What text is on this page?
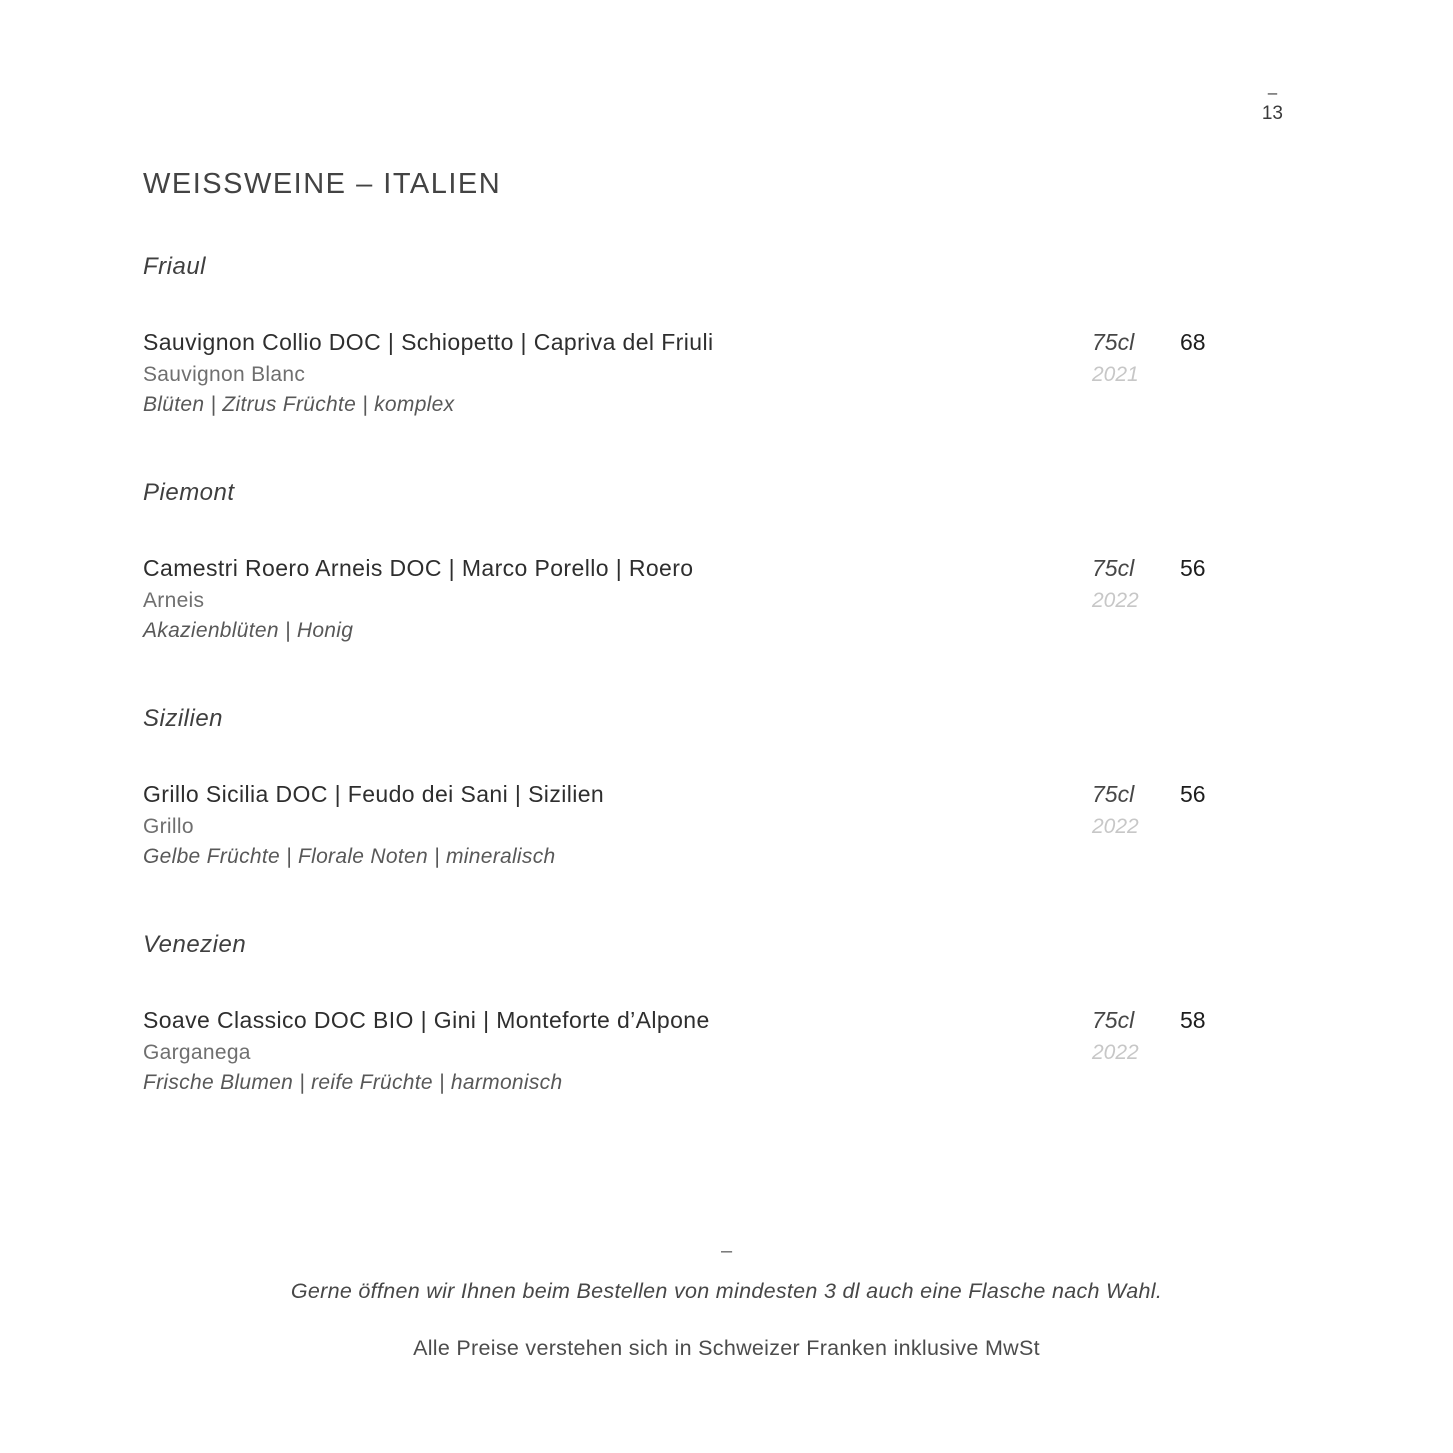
–
13
WEISSWEINE – ITALIEN
Friaul
Sauvignon Collio DOC | Schiopetto | Capriva del Friuli	75cl	68
Sauvignon Blanc	2021
Blüten | Zitrus Früchte | komplex
Piemont
Camestri Roero Arneis DOC | Marco Porello | Roero	75cl	56
Arneis	2022
Akazienblüten | Honig
Sizilien
Grillo Sicilia DOC | Feudo dei Sani | Sizilien	75cl	56
Grillo	2022
Gelbe Früchte | Florale Noten | mineralisch
Venezien
Soave Classico DOC BIO | Gini | Monteforte d’Alpone	75cl	58
Garganega	2022
Frische Blumen | reife Früchte | harmonisch
–
Gerne öffnen wir Ihnen beim Bestellen von mindesten 3 dl auch eine Flasche nach Wahl.
Alle Preise verstehen sich in Schweizer Franken inklusive MwSt
